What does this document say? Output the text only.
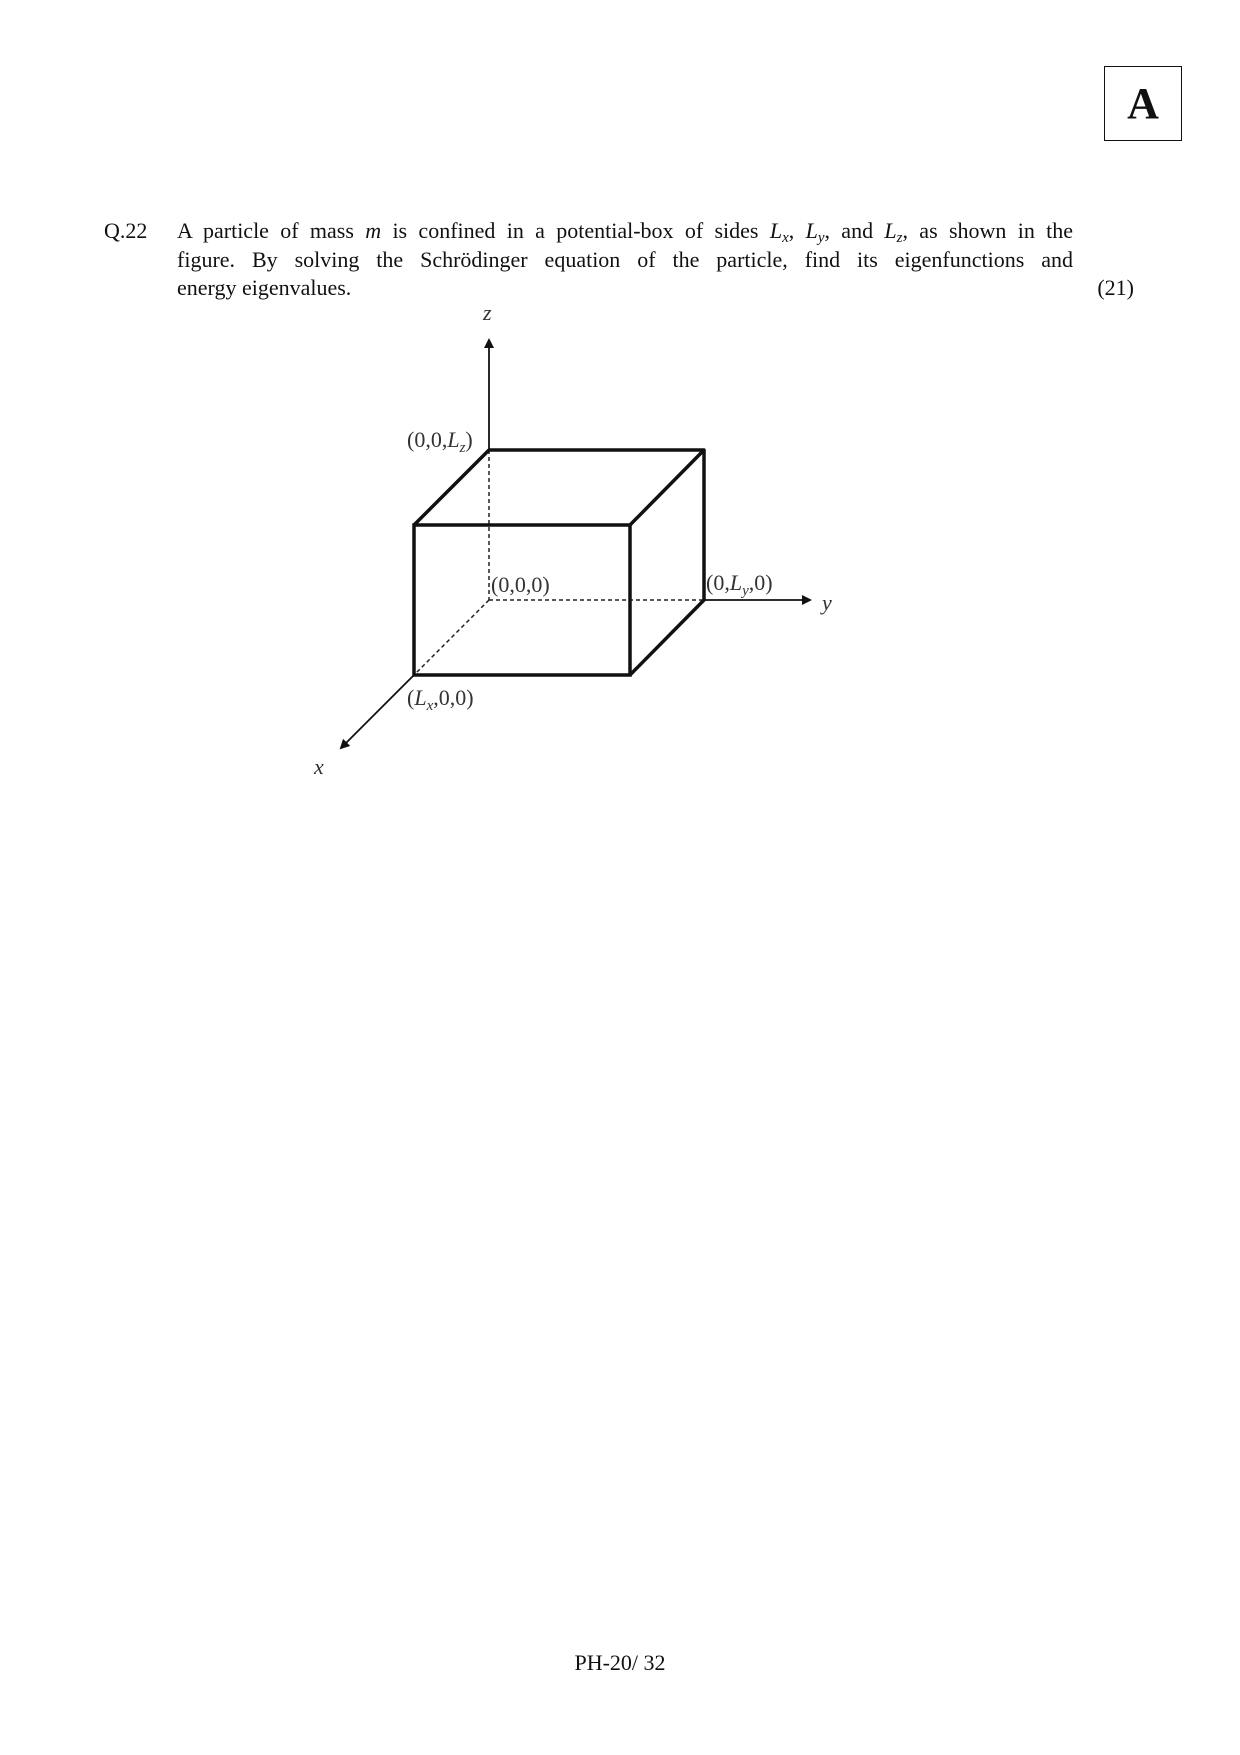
A
Q.22 A particle of mass m is confined in a potential-box of sides $L_x$, $L_y$, and $L_z$, as shown in the
figure. By solving the Schrödinger equation of the particle, find its eigenfunctions and
energy eigenvalues.	(21)
z
y
x
$(0,0,L_z)$
(0,0,0)	$(0,L_y,0)$
$(L_x,0,0)$
PH-20/ 32
